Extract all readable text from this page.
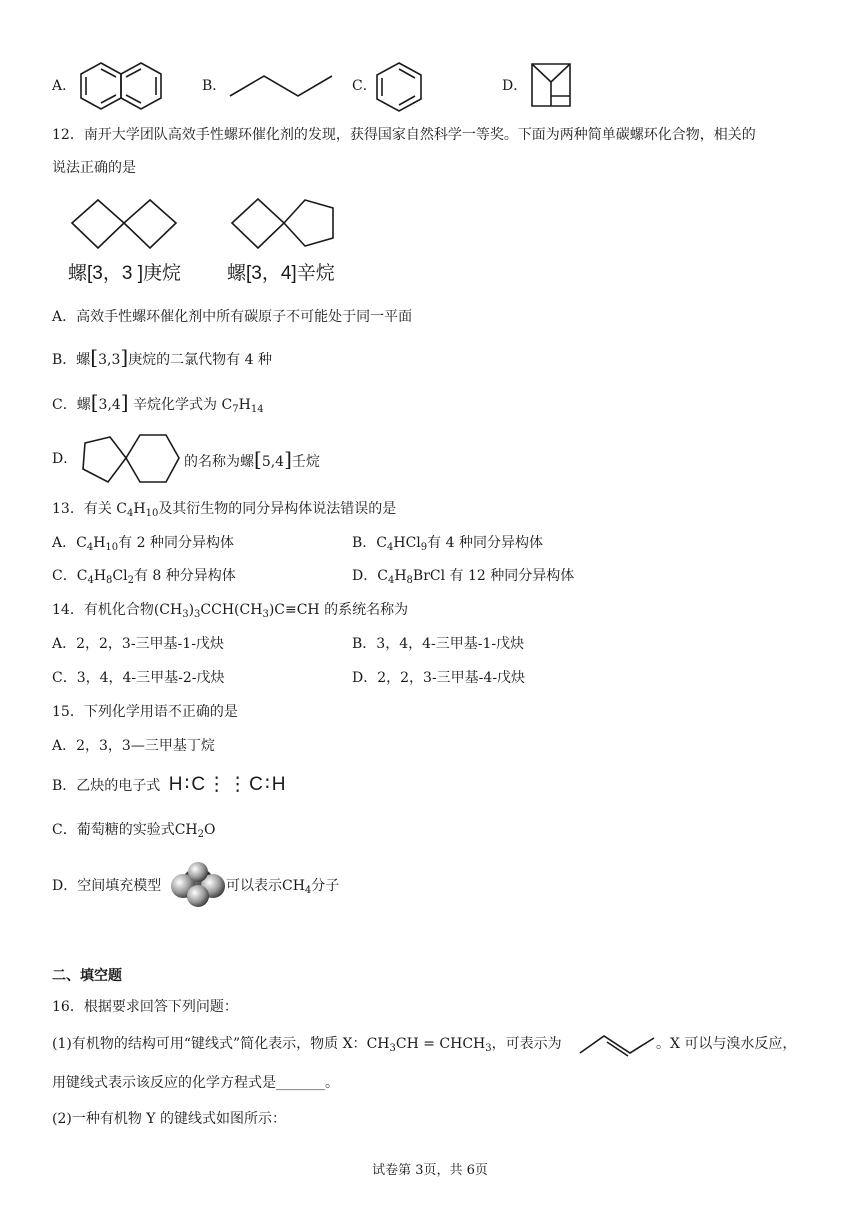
A．	B．	C．	D．
12．南开大学团队高效手性螺环催化剂的发现，获得国家自然科学一等奖。下面为两种简单碳螺环化合物，相关的
说法正确的是
螺[3，3 ]庚烷 螺[3，4]辛烷
A．高效手性螺环催化剂中所有碳原子不可能处于同一平面
B．螺[3,3]庚烷的二氯代物有 4 种
C．螺[3,4] 辛烷化学式为 $C_7H_{14}$
D．	的名称为螺[5,4]壬烷
13．有关 $C_4H_{10}$及其衍生物的同分异构体说法错误的是
A．$C_4H_{10}$有 2 种同分异构体	B．$C_4HCl_9$有 4 种同分异构体
C．$C_4H_8Cl_2$有 8 种分异构体	D．$C_4H_8BrCl$ 有 12 种同分异构体
14．有机化合物$(CH_3)_3CCH(CH_3)C\equiv CH$ 的系统名称为
A．2，2，3-三甲基-1-戊炔	B．3，4，4-三甲基-1-戊炔
C．3，4，4-三甲基-2-戊炔	D．2，2，3-三甲基-4-戊炔
15．下列化学用语不正确的是
A．2，3，3—三甲基丁烷
B．乙炔的电子式 H∶C⋮⋮C∶H
C．葡萄糖的实验式$CH_2O$
D．空间填充模型	可以表示$CH_4$分子
二、填空题
16．根据要求回答下列问题：
(1)有机物的结构可用“键线式”简化表示，物质 X：$CH_3CH$ = $CHCH_3$，可表示为	。X 可以与溴水反应，
用键线式表示该反应的化学方程式是_______。
(2)一种有机物 Y 的键线式如图所示：
试卷第 3页，共 6页
